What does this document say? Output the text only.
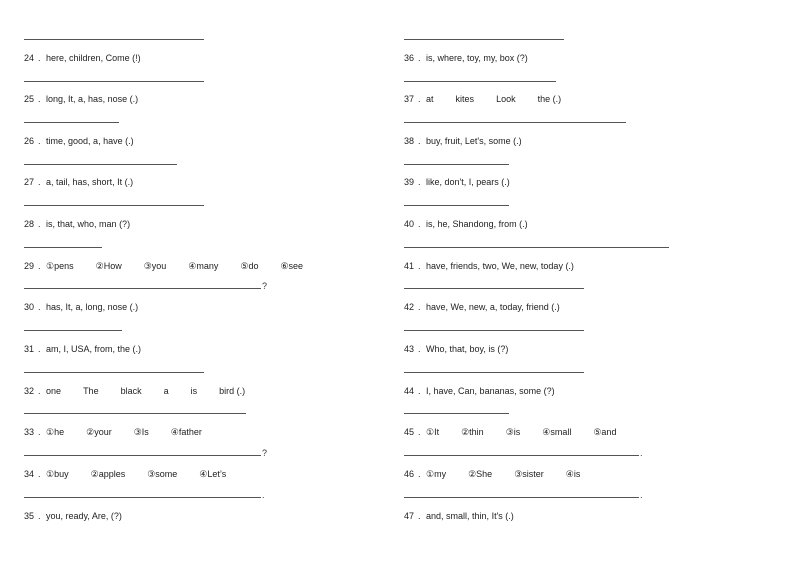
24 . here, children, Come (!)
25 . long, It, a, has, nose (.)
26 . time, good, a, have (.)
27 . a, tail, has, short, It (.)
28 . is, that, who, man (?)
29 . ①pens ②How ③you ④many ⑤do ⑥see
?
30 . has, It, a, long, nose (.)
31 . am, I, USA, from, the (.)
32 . one The black a is bird (.)
33 . ①he ②your ③Is ④father
?
34 . ①buy ②apples ③some ④Let’s
.
35 . you, ready, Are, (?)
36 . is, where, toy, my, box (?)
37 . at kites Look the (.)
38 . buy, fruit, Let's, some (.)
39 . like, don't, I, pears (.)
40 . is, he, Shandong, from (.)
41 . have, friends, two, We, new, today (.)
42 . have, We, new, a, today, friend (.)
43 . Who, that, boy, is (?)
44 . I, have, Can, bananas, some (?)
45 . ①It ②thin ③is ④small ⑤and
.
46 . ①my ②She ③sister ④is
.
47 . and, small, thin, It's (.)
